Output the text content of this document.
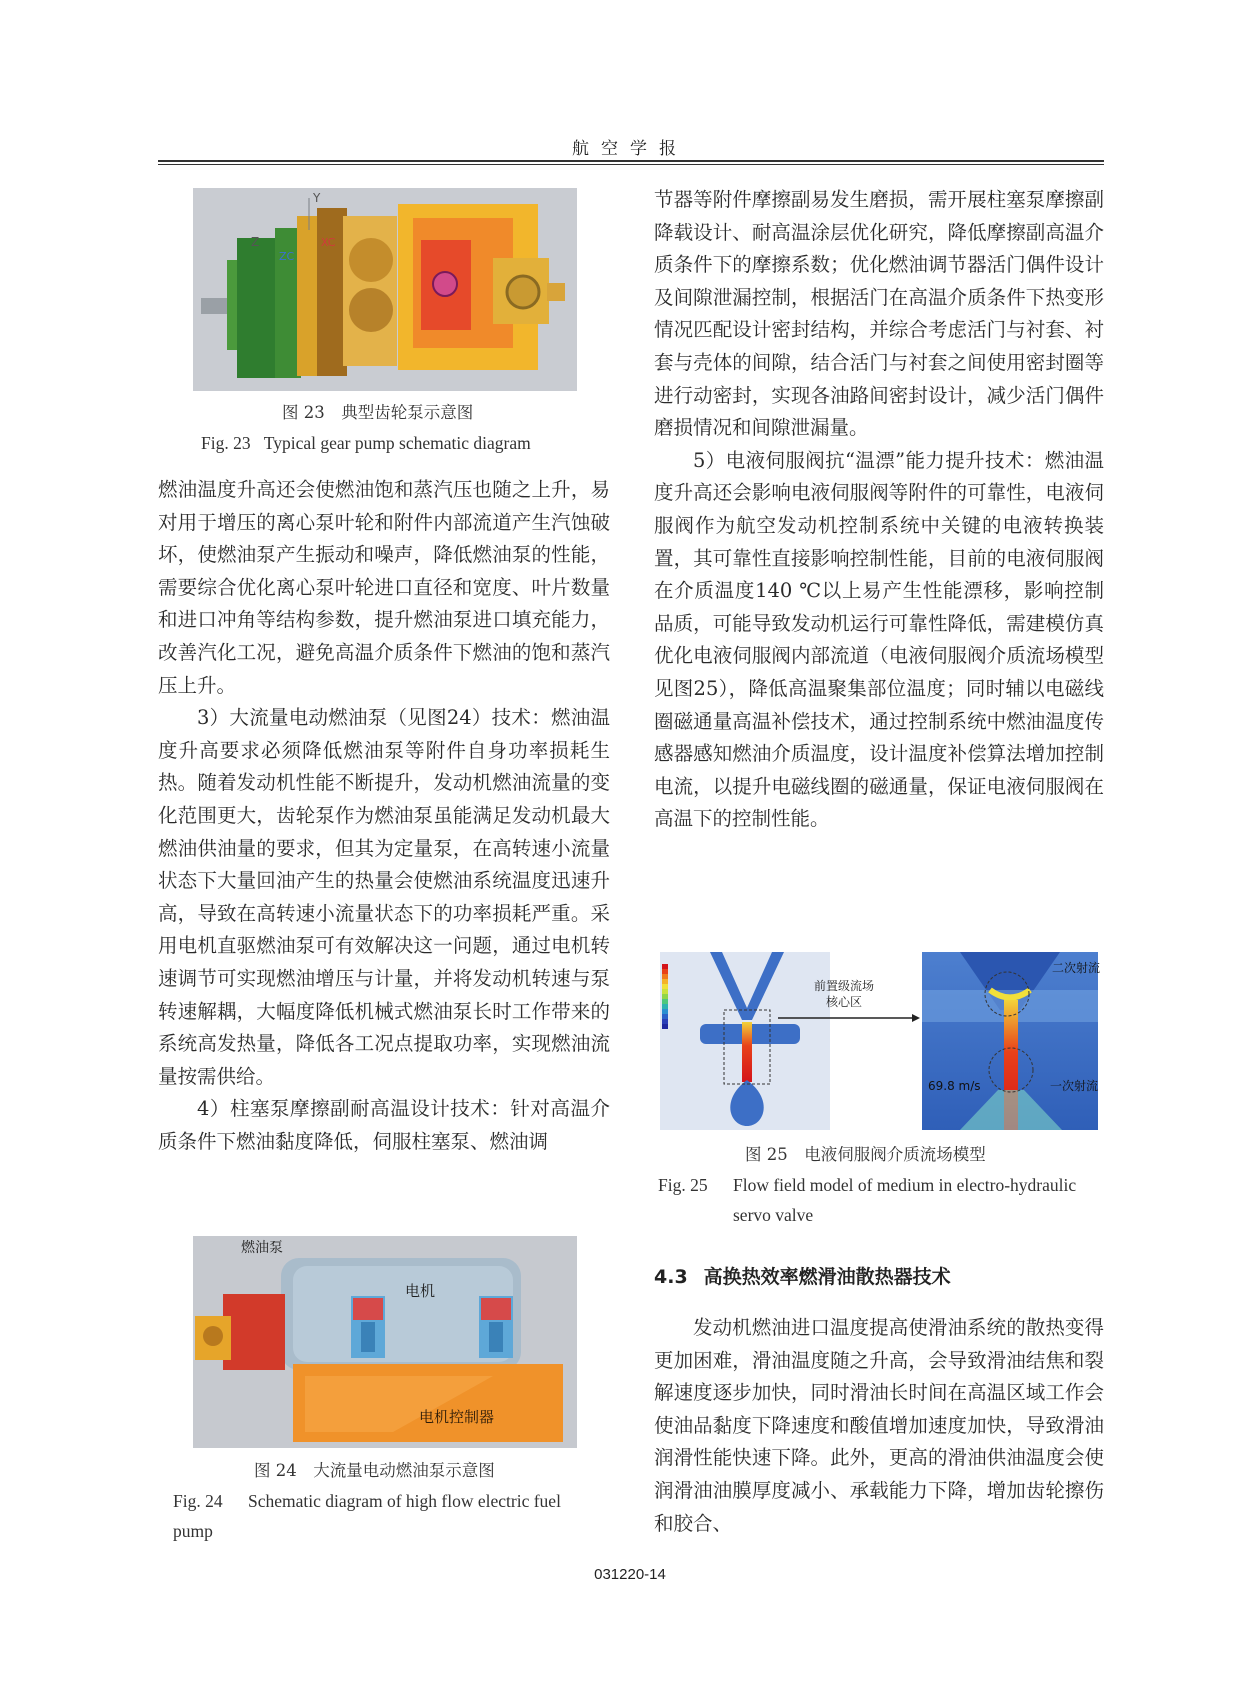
航空学报
Y
Z	XC
ZC
图 23　典型齿轮泵示意图
Fig. 23 Typical gear pump schematic diagram

燃油温度升高还会使燃油饱和蒸汽压也随之上升，易对用于增压的离心泵叶轮和附件内部流道产生汽蚀破坏，使燃油泵产生振动和噪声，降低燃油泵的性能，需要综合优化离心泵叶轮进口直径和宽度、叶片数量和进口冲角等结构参数，提升燃油泵进口填充能力，改善汽化工况，避免高温介质条件下燃油的饱和蒸汽压上升。

3）大流量电动燃油泵（见图24）技术：燃油温度升高要求必须降低燃油泵等附件自身功率损耗生热。随着发动机性能不断提升，发动机燃油流量的变化范围更大，齿轮泵作为燃油泵虽能满足发动机最大燃油供油量的要求，但其为定量泵，在高转速小流量状态下大量回油产生的热量会使燃油系统温度迅速升高，导致在高转速小流量状态下的功率损耗严重。采用电机直驱燃油泵可有效解决这一问题，通过电机转速调节可实现燃油增压与计量，并将发动机转速与泵转速解耦，大幅度降低机械式燃油泵长时工作带来的系统高发热量，降低各工况点提取功率，实现燃油流量按需供给。

4）柱塞泵摩擦副耐高温设计技术：针对高温介质条件下燃油黏度降低，伺服柱塞泵、燃油调

燃油泵
电机
电机控制器
图 24　大流量电动燃油泵示意图
Fig. 24 Schematic diagram of high flow electric fuel pump

节器等附件摩擦副易发生磨损，需开展柱塞泵摩擦副降载设计、耐高温涂层优化研究，降低摩擦副高温介质条件下的摩擦系数；优化燃油调节器活门偶件设计及间隙泄漏控制，根据活门在高温介质条件下热变形情况匹配设计密封结构，并综合考虑活门与衬套、衬套与壳体的间隙，结合活门与衬套之间使用密封圈等进行动密封，实现各油路间密封设计，减少活门偶件磨损情况和间隙泄漏量。

5）电液伺服阀抗“温漂”能力提升技术：燃油温度升高还会影响电液伺服阀等附件的可靠性，电液伺服阀作为航空发动机控制系统中关键的电液转换装置，其可靠性直接影响控制性能，目前的电液伺服阀在介质温度140 ℃以上易产生性能漂移，影响控制品质，可能导致发动机运行可靠性降低，需建模仿真优化电液伺服阀内部流道（电液伺服阀介质流场模型见图25），降低高温聚集部位温度；同时辅以电磁线圈磁通量高温补偿技术，通过控制系统中燃油温度传感器感知燃油介质温度，设计温度补偿算法增加控制电流，以提升电磁线圈的磁通量，保证电液伺服阀在高温下的控制性能。

前置级流场
核心区
二次射流
一次射流
69.8 m/s
图 25　电液伺服阀介质流场模型
Fig. 25 Flow field model of medium in electro-hydraulic servo valve
4.3 高换热效率燃滑油散热器技术

发动机燃油进口温度提高使滑油系统的散热变得更加困难，滑油温度随之升高，会导致滑油结焦和裂解速度逐步加快，同时滑油长时间在高温区域工作会使油品黏度下降速度和酸值增加速度加快，导致滑油润滑性能快速下降。此外，更高的滑油供油温度会使润滑油油膜厚度减小、承载能力下降，增加齿轮擦伤和胶合、

031220-14
